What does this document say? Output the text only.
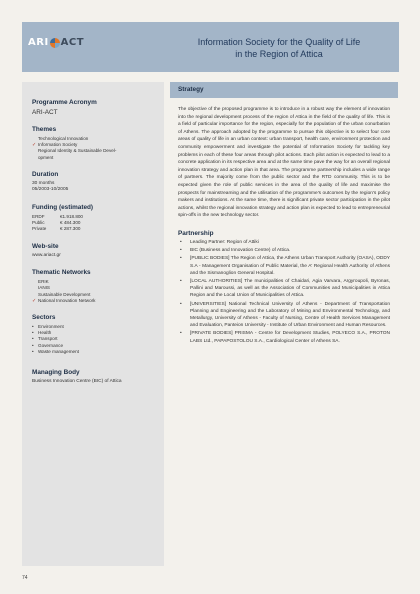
ARI ACT	Information Society for the Quality of Life
in the Region of Attica
Programme Acronym
ARI-ACT
Themes
Technological Innovation
✓ Information Society
Regional Identity & Sustainable Devel-
opment
Duration
30 months
05/2003-10/2005
Funding (estimated)
ERDF	€1.918.800
Public	€ 484.300
Private	€ 287.300
Web-site
www.ariact.gr
Thematic Networks
ERIK
IANIS
Sustainable Development
✓ National Innovation Network
Sectors
• Environment
• Health
• Transport
• Governance
• Waste management
Managing Body
Business Innovation Centre (BIC) of Attica
Strategy
The objective of the proposed programme is to introduce in a robust way the element of innovation into the regional development process of the region of Attica in the field of the quality of life. This is a field of particular importance for the region, especially for the population of the urban conurbation of Athens. The approach adopted by the programme to pursue this objective is to select four core areas of quality of life in an urban context: urban transport, health care, environment protection and community empowerment and investigate the potential of Information Society for tackling key problems in each of these four areas through pilot actions. Each pilot action is expected to lead to a concrete application in its respective area and at the same time pave the way for an overall regional innovation strategy and action plan in that area. The programme partnership includes a wide range of partners. The majority come from the public sector and the RTD community. This is to be expected given the role of public services in the area of the quality of life and maximise the prospects for mainstreaming and the utilisation of the programme's outcomes by the region's policy makers and institutions. At the same time, there is significant private sector participation in the pilot actions, whilst the regional innovation strategy and action plan is expected to lead to entrepreneurial spin-offs in the new technology sector.
Partnership
• Leading Partner: Region of Attiki
• BIC (Business and Innovation Centre) of Attica.
• [PUBLIC BODIES] The Region of Attica, the Athens Urban Transport Authority (OASA), ODDY S.A - Management Organisation of Public Material, the A' Regional Health Authority of Athens and the Sismanoglion General Hospital.
• [LOCAL AUTHORITIES] The municipalities of Chaidari, Agia Varvara, Argyroupoli, Byronas, Pallini and Maroussi, as well as the Association of Communities and Municipalities in Attica Region and the Local Union of Municipalities of Attica.
• [UNIVERSITIES] National Technical University of Athens - Department of Transportation Planning and Engineering and the Laboratory of Mining and Environmental Technology, and Metallurgy, University of Athens - Faculty of Nursing, Centre of Health Services Management and Evaluation, Panteion University - Institute of Urban Environment and Human Resources.
• [PRIVATE BODIES] PRISMA - Centre for Development Studies, POLYECO S.A., PROTON LABS Ltd., PAPAPOSTOLOU S.A., Cardiological Center of Athens SA.
74
